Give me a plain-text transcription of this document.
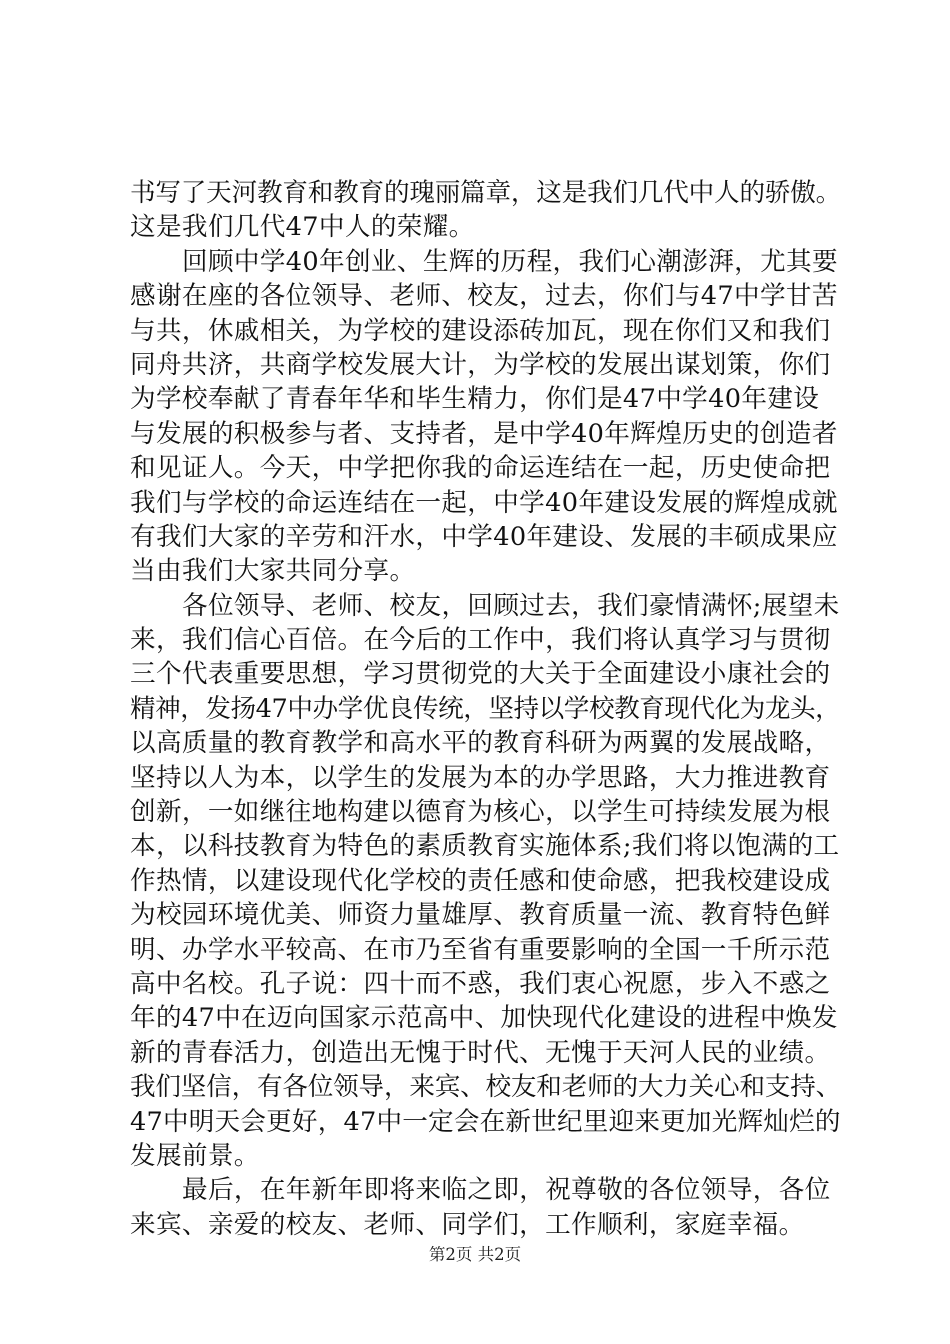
书写了天河教育和教育的瑰丽篇章，这是我们几代中人的骄傲。
这是我们几代47中人的荣耀。
回顾中学40年创业、生辉的历程，我们心潮澎湃，尤其要
感谢在座的各位领导、老师、校友，过去，你们与47中学甘苦
与共，休戚相关，为学校的建设添砖加瓦，现在你们又和我们
同舟共济，共商学校发展大计，为学校的发展出谋划策，你们
为学校奉献了青春年华和毕生精力，你们是47中学40年建设
与发展的积极参与者、支持者，是中学40年辉煌历史的创造者
和见证人。今天，中学把你我的命运连结在一起，历史使命把
我们与学校的命运连结在一起，中学40年建设发展的辉煌成就
有我们大家的辛劳和汗水，中学40年建设、发展的丰硕成果应
当由我们大家共同分享。
各位领导、老师、校友，回顾过去，我们豪情满怀;展望未
来，我们信心百倍。在今后的工作中，我们将认真学习与贯彻
三个代表重要思想，学习贯彻党的大关于全面建设小康社会的
精神，发扬47中办学优良传统，坚持以学校教育现代化为龙头，
以高质量的教育教学和高水平的教育科研为两翼的发展战略，
坚持以人为本，以学生的发展为本的办学思路，大力推进教育
创新，一如继往地构建以德育为核心，以学生可持续发展为根
本，以科技教育为特色的素质教育实施体系;我们将以饱满的工
作热情，以建设现代化学校的责任感和使命感，把我校建设成
为校园环境优美、师资力量雄厚、教育质量一流、教育特色鲜
明、办学水平较高、在市乃至省有重要影响的全国一千所示范
高中名校。孔子说：四十而不惑，我们衷心祝愿，步入不惑之
年的47中在迈向国家示范高中、加快现代化建设的进程中焕发
新的青春活力，创造出无愧于时代、无愧于天河人民的业绩。
我们坚信，有各位领导，来宾、校友和老师的大力关心和支持、
47中明天会更好，47中一定会在新世纪里迎来更加光辉灿烂的
发展前景。
最后，在年新年即将来临之即，祝尊敬的各位领导，各位
来宾、亲爱的校友、老师、同学们，工作顺利，家庭幸福。
第2页 共2页
